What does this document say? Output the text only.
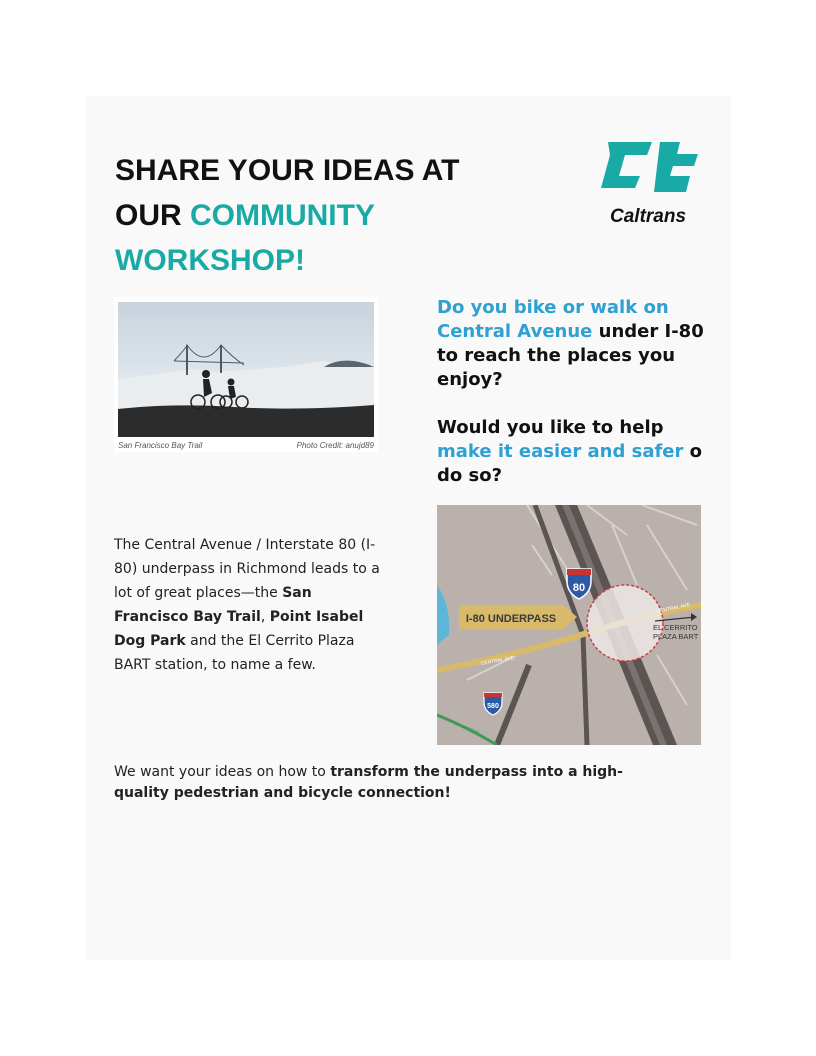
SHARE YOUR IDEAS AT
OUR COMMUNITY
WORKSHOP!
Caltrans
San Francisco Bay Trail	Photo Credit: anujd89
Do you bike or walk on Central Avenue under I-80 to reach the places you enjoy?
Would you like to help make it easier and safer o do so?
The Central Avenue / Interstate 80 (I-80) underpass in Richmond leads to a lot of great places—the San Francisco Bay Trail, Point Isabel Dog Park and the El Cerrito Plaza BART station, to name a few.
I-80 UNDERPASS
80
580
CENTRAL AVE
CENTRAL AVE
EL CERRITO PLAZA BART
SF BAY TRAIL
We want your ideas on how to transform the underpass into a high-quality pedestrian and bicycle connection!
